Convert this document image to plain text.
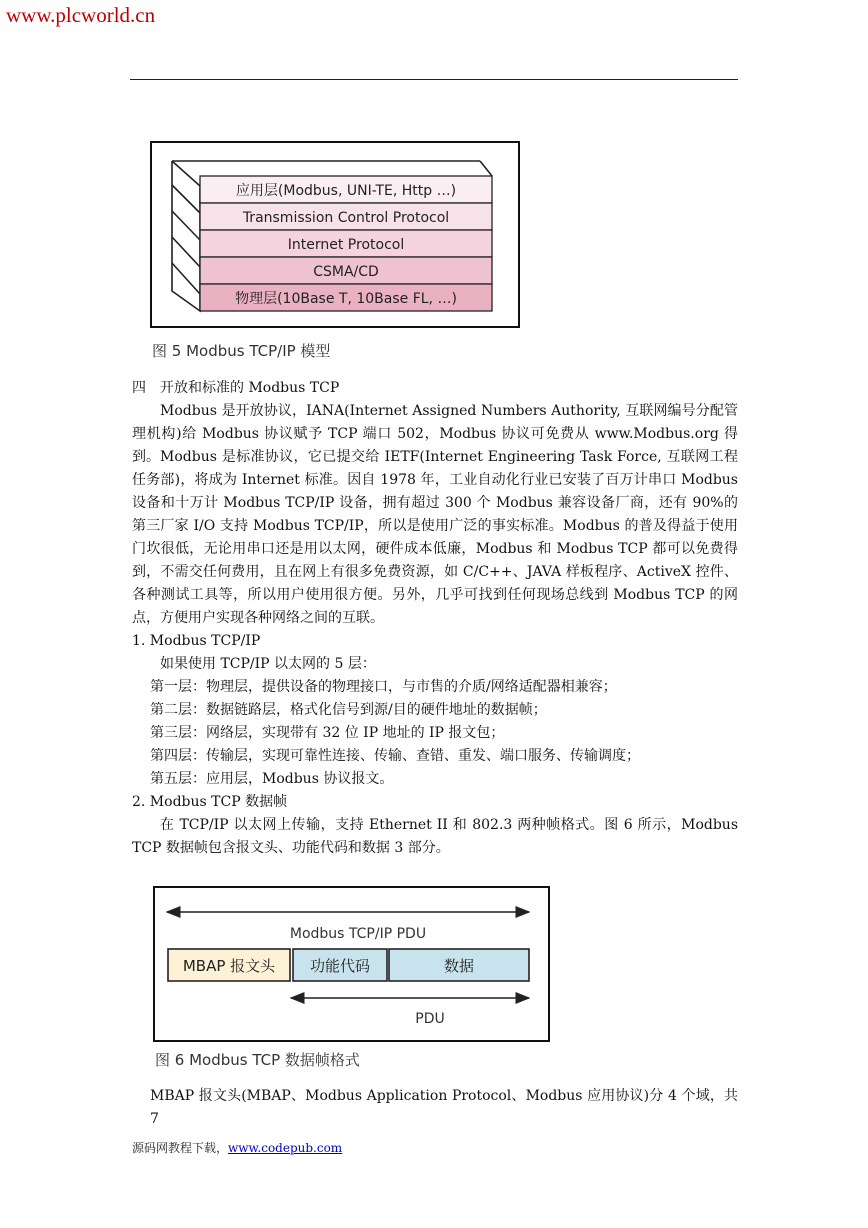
www.plcworld.cn
应用层(Modbus, UNI-TE, Http …)
Transmission Control Protocol
Internet Protocol
CSMA/CD
物理层(10Base T, 10Base FL, …)
图 5 Modbus TCP/IP 模型
四　开放和标准的 Modbus TCP
Modbus 是开放协议，IANA(Internet Assigned Numbers Authority, 互联网编号分配管理机构)给 Modbus 协议赋予 TCP 端口 502，Modbus 协议可免费从 www.Modbus.org 得到。 Modbus 是标准协议，它已提交给 IETF(Internet Engineering Task Force, 互联网工程任务部)，将成为 Internet 标准。因自 1978 年，工业自动化行业已安装了百万计串口 Modbus 设备和十万计 Modbus TCP/IP 设备，拥有超过 300 个 Modbus 兼容设备厂商，还有 90%的第三厂家 I/O 支持 Modbus TCP/IP，所以是使用广泛的事实标准。Modbus 的普及得益于使用门坎很低，无论用串口还是用以太网，硬件成本低廉，Modbus 和 Modbus TCP 都可以免费得到，不需交任何费用，且在网上有很多免费资源，如 C/C++、JAVA 样板程序、ActiveX 控件、各种测试工具等，所以用户使用很方便。另外，几乎可找到任何现场总线到 Modbus TCP 的网点，方便用户实现各种网络之间的互联。
1. Modbus TCP/IP
如果使用 TCP/IP 以太网的 5 层：
第一层：物理层，提供设备的物理接口，与市售的介质/网络适配器相兼容；
第二层：数据链路层，格式化信号到源/目的硬件地址的数据帧；
第三层：网络层，实现带有 32 位 IP 地址的 IP 报文包；
第四层：传输层，实现可靠性连接、传输、查错、重发、端口服务、传输调度；
第五层：应用层，Modbus 协议报文。
2. Modbus TCP 数据帧
在 TCP/IP 以太网上传输，支持 Ethernet II 和 802.3 两种帧格式。图 6 所示，Modbus TCP 数据帧包含报文头、功能代码和数据 3 部分。
Modbus TCP/IP PDU
MBAP 报文头 功能代码	数据
PDU
图 6 Modbus TCP 数据帧格式
MBAP 报文头(MBAP、Modbus Application Protocol、Modbus 应用协议)分 4 个域，共 7
源码网教程下载，www.codepub.com
